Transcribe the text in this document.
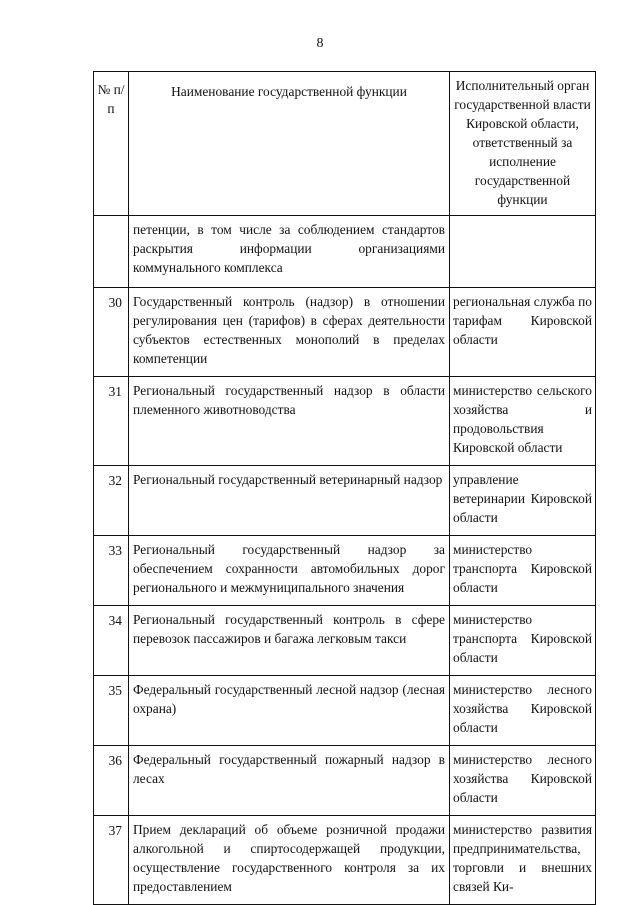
8
№ п/п	Наименование государственной функции	Исполнительный орган государственной власти Кировской области, ответственный за исполнение государственной функции
	петенции, в том числе за соблюдением стандартов раскрытия информации организациями коммунального комплекса	
30	Государственный контроль (надзор) в отношении регулирования цен (тарифов) в сферах деятельности субъектов естественных монополий в пределах компетенции	региональная служба по тарифам Кировской области
31	Региональный государственный надзор в области племенного животноводства	министерство сельского хозяйства и продовольствия Кировской области
32	Региональный государственный ветеринарный надзор	управление ветеринарии Кировской области
33	Региональный государственный надзор за обеспечением сохранности автомобильных дорог регионального и межмуниципального значения	министерство транспорта Кировской области
34	Региональный государственный контроль в сфере перевозок пассажиров и багажа легковым такси	министерство транспорта Кировской области
35	Федеральный государственный лесной надзор (лесная охрана)	министерство лесного хозяйства Кировской области
36	Федеральный государственный пожарный надзор в лесах	министерство лесного хозяйства Кировской области
37	Прием деклараций об объеме розничной продажи алкогольной и спиртосодержащей продукции, осуществление государственного контроля за их предоставлением	министерство развития предпринимательства, торговли и внешних связей Ки-
